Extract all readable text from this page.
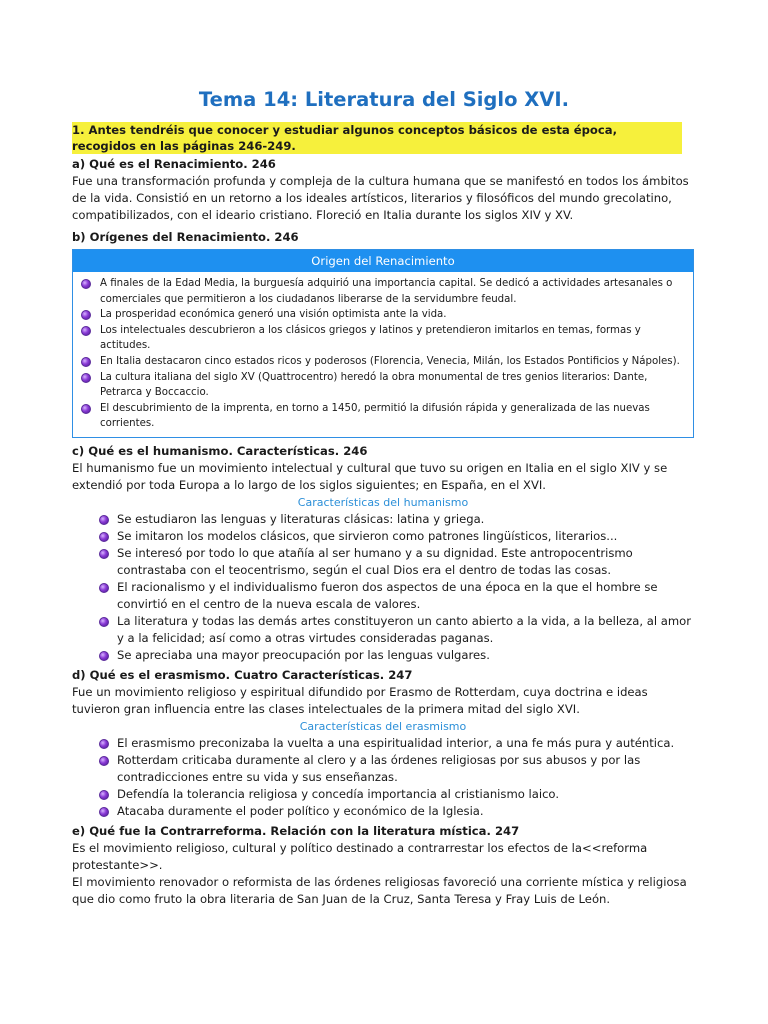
Tema 14: Literatura del Siglo XVI.

1. Antes tendréis que conocer y estudiar algunos conceptos básicos de esta época, recogidos en las páginas 246-249.

a) Qué es el Renacimiento. 246

Fue una transformación profunda y compleja de la cultura humana que se manifestó en todos los ámbitos de la vida. Consistió en un retorno a los ideales artísticos, literarios y filosóficos del mundo grecolatino, compatibilizados, con el ideario cristiano. Floreció en Italia durante los siglos XIV y XV.

b) Orígenes del Renacimiento. 246
Origen del Renacimiento
A finales de la Edad Media, la burguesía adquirió una importancia capital. Se dedicó a actividades artesanales o comerciales que permitieron a los ciudadanos liberarse de la servidumbre feudal.
La prosperidad económica generó una visión optimista ante la vida.
Los intelectuales descubrieron a los clásicos griegos y latinos y pretendieron imitarlos en temas, formas y actitudes.
En Italia destacaron cinco estados ricos y poderosos (Florencia, Venecia, Milán, los Estados Pontificios y Nápoles).
La cultura italiana del siglo XV (Quattrocentro) heredó la obra monumental de tres genios literarios: Dante, Petrarca y Boccaccio.
El descubrimiento de la imprenta, en torno a 1450, permitió la difusión rápida y generalizada de las nuevas corrientes.
c) Qué es el humanismo. Características. 246

El humanismo fue un movimiento intelectual y cultural que tuvo su origen en Italia en el siglo XIV y se extendió por toda Europa a lo largo de los siglos siguientes; en España, en el XVI.

Características del humanismo

Se estudiaron las lenguas y literaturas clásicas: latina y griega.
Se imitaron los modelos clásicos, que sirvieron como patrones lingüísticos, literarios...
Se interesó por todo lo que atañía al ser humano y a su dignidad. Este antropocentrismo contrastaba con el teocentrismo, según el cual Dios era el dentro de todas las cosas.
El racionalismo y el individualismo fueron dos aspectos de una época en la que el hombre se convirtió en el centro de la nueva escala de valores.
La literatura y todas las demás artes constituyeron un canto abierto a la vida, a la belleza, al amor y a la felicidad; así como a otras virtudes consideradas paganas.
Se apreciaba una mayor preocupación por las lenguas vulgares.
d) Qué es el erasmismo. Cuatro Características. 247

Fue un movimiento religioso y espiritual difundido por Erasmo de Rotterdam, cuya doctrina e ideas tuvieron gran influencia entre las clases intelectuales de la primera mitad del siglo XVI.

Características del erasmismo

El erasmismo preconizaba la vuelta a una espiritualidad interior, a una fe más pura y auténtica.
Rotterdam criticaba duramente al clero y a las órdenes religiosas por sus abusos y por las contradicciones entre su vida y sus enseñanzas.
Defendía la tolerancia religiosa y concedía importancia al cristianismo laico.
Atacaba duramente el poder político y económico de la Iglesia.
e) Qué fue la Contrarreforma. Relación con la literatura mística. 247

Es el movimiento religioso, cultural y político destinado a contrarrestar los efectos de la<<reforma protestante>>.

El movimiento renovador o reformista de las órdenes religiosas favoreció una corriente mística y religiosa que dio como fruto la obra literaria de San Juan de la Cruz, Santa Teresa y Fray Luis de León.
